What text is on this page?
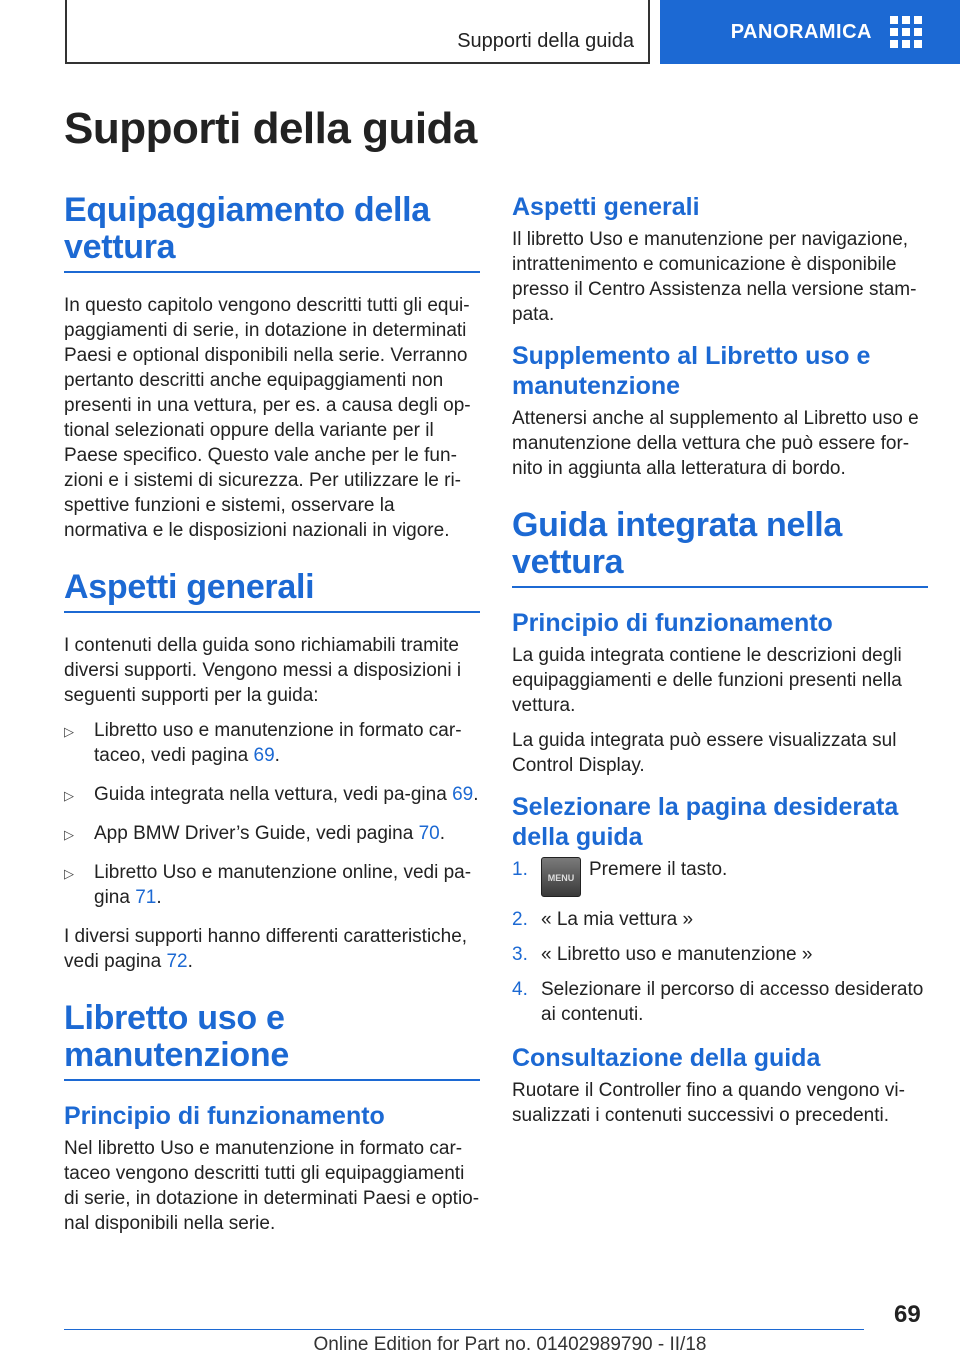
Supporti della guida	PANORAMICA
Supporti della guida
Equipaggiamento della vettura

In questo capitolo vengono descritti tutti gli equi-paggiamenti di serie, in dotazione in determinati Paesi e optional disponibili nella serie. Verranno pertanto descritti anche equipaggiamenti non presenti in una vettura, per es. a causa degli op-tional selezionati oppure della variante per il Paese specifico. Questo vale anche per le fun-zioni e i sistemi di sicurezza. Per utilizzare le ri-spettive funzioni e sistemi, osservare la normativa e le disposizioni nazionali in vigore.

Aspetti generali

I contenuti della guida sono richiamabili tramite diversi supporti. Vengono messi a disposizioni i seguenti supporti per la guida:

▷ Libretto uso e manutenzione in formato car-taceo, vedi pagina 69.
▷ Guida integrata nella vettura, vedi pa-gina 69.
▷ App BMW Driver’s Guide, vedi pagina 70.
▷ Libretto Uso e manutenzione online, vedi pa-gina 71.

I diversi supporti hanno differenti caratteristiche, vedi pagina 72.

Libretto uso e manutenzione
Principio di funzionamento

Nel libretto Uso e manutenzione in formato car-taceo vengono descritti tutti gli equipaggiamenti di serie, in dotazione in determinati Paesi e optio-nal disponibili nella serie.

Aspetti generali

Il libretto Uso e manutenzione per navigazione, intrattenimento e comunicazione è disponibile presso il Centro Assistenza nella versione stam-pata.

Supplemento al Libretto uso e manutenzione

Attenersi anche al supplemento al Libretto uso e manutenzione della vettura che può essere for-nito in aggiunta alla letteratura di bordo.

Guida integrata nella vettura
Principio di funzionamento

La guida integrata contiene le descrizioni degli equipaggiamenti e delle funzioni presenti nella vettura.

La guida integrata può essere visualizzata sul Control Display.

Selezionare la pagina desiderata della guida
1. MENU Premere il tasto.
2. « La mia vettura »
3. « Libretto uso e manutenzione »
4. Selezionare il percorso di accesso desiderato ai contenuti.
Consultazione della guida

Ruotare il Controller fino a quando vengono vi-sualizzati i contenuti successivi o precedenti.

69
Online Edition for Part no. 01402989790 - II/18
